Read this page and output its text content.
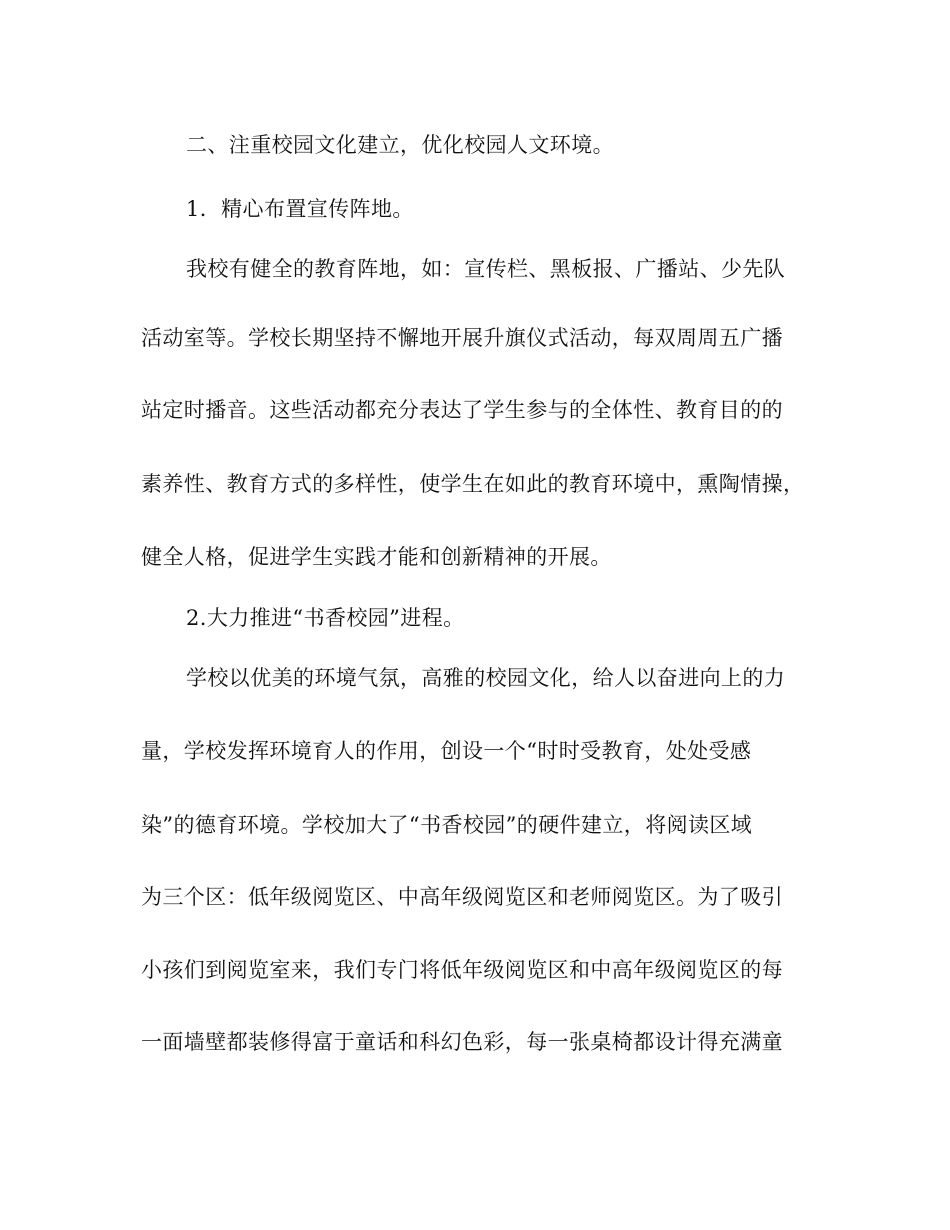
二、注重校园文化建立，优化校园人文环境。
1．精心布置宣传阵地。
我校有健全的教育阵地，如：宣传栏、黑板报、广播站、少先队
活动室等。学校长期坚持不懈地开展升旗仪式活动，每双周周五广播
站定时播音。这些活动都充分表达了学生参与的全体性、教育目的的
素养性、教育方式的多样性，使学生在如此的教育环境中，熏陶情操，
健全人格，促进学生实践才能和创新精神的开展。
2.大力推进“书香校园”进程。
学校以优美的环境气氛，高雅的校园文化，给人以奋进向上的力
量，学校发挥环境育人的作用，创设一个“时时受教育，处处受感
染”的德育环境。学校加大了“书香校园”的硬件建立，将阅读区域
为三个区：低年级阅览区、中高年级阅览区和老师阅览区。为了吸引
小孩们到阅览室来，我们专门将低年级阅览区和中高年级阅览区的每
一面墙壁都装修得富于童话和科幻色彩，每一张桌椅都设计得充满童
